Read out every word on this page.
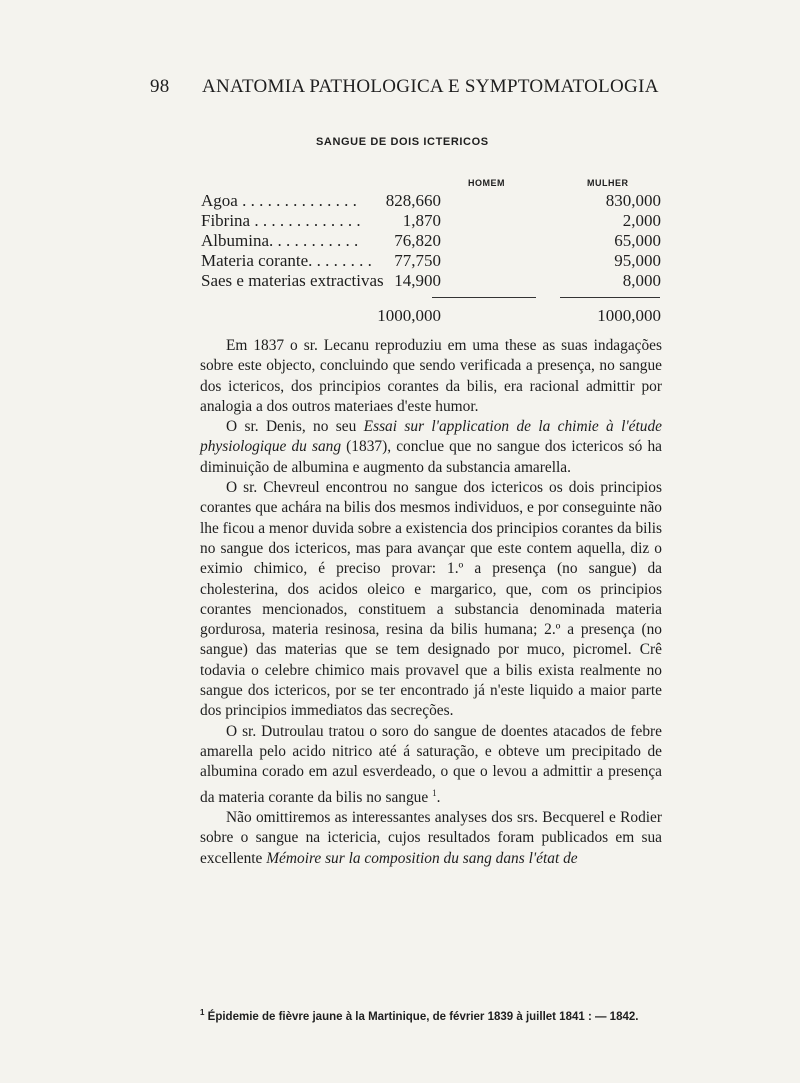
98 ANATOMIA PATHOLOGICA E SYMPTOMATOLOGIA
SANGUE DE DOIS ICTERICOS
HOMEM	MULHER
Agoa . . . . . . . . . . . . . . 828,660	830,000
Fibrina . . . . . . . . . . . . . 1,870	2,000
Albumina. . . . . . . . . . . 76,820	65,000
Materia corante. . . . . . . . 77,750	95,000
Saes e materias extractivas 14,900	8,000
1000,000	1000,000

Em 1837 o sr. Lecanu reproduziu em uma these as suas indagações sobre este objecto, concluindo que sendo verificada a presença, no sangue dos ictericos, dos principios corantes da bilis, era racional admittir por analogia a dos outros materiaes d'este humor.

O sr. Denis, no seu Essai sur l'application de la chimie à l'étude physiologique du sang (1837), conclue que no sangue dos ictericos só ha diminuição de albumina e augmento da substancia amarella.

O sr. Chevreul encontrou no sangue dos ictericos os dois principios corantes que achára na bilis dos mesmos individuos, e por conseguinte não lhe ficou a menor duvida sobre a existencia dos principios corantes da bilis no sangue dos ictericos, mas para avançar que este contem aquella, diz o eximio chimico, é preciso provar: 1.º a presença (no sangue) da cholesterina, dos acidos oleico e margarico, que, com os principios corantes mencionados, constituem a substancia denominada materia gordurosa, materia resinosa, resina da bilis humana; 2.º a presença (no sangue) das materias que se tem designado por muco, picromel. Crê todavia o celebre chimico mais provavel que a bilis exista realmente no sangue dos ictericos, por se ter encontrado já n'este liquido a maior parte dos principios immediatos das secreções.

O sr. Dutroulau tratou o soro do sangue de doentes atacados de febre amarella pelo acido nitrico até á saturação, e obteve um precipitado de albumina corado em azul esverdeado, o que o levou a admittir a presença da materia corante da bilis no sangue $^1$.

Não omittiremos as interessantes analyses dos srs. Becquerel e Rodier sobre o sangue na ictericia, cujos resultados foram publicados em sua excellente Mémoire sur la composition du sang dans l'état de

$^1$ Épidemie de fièvre jaune à la Martinique, de février 1839 à juillet 1841 : — 1842.
